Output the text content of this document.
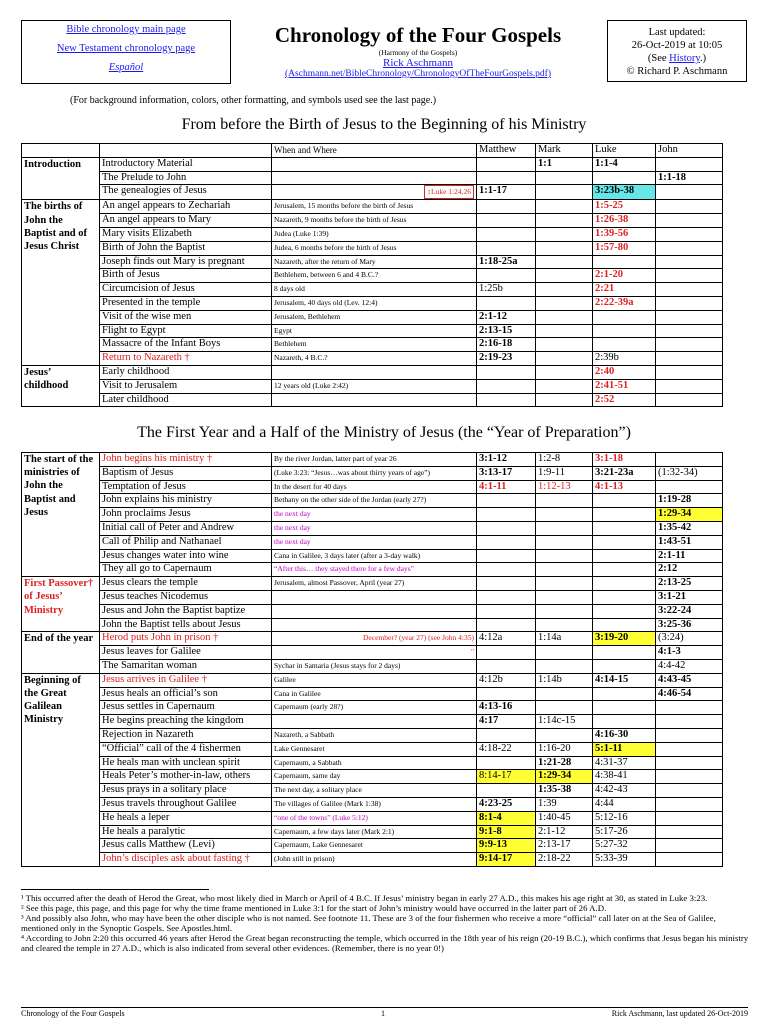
Bible chronology main page
New Testament chronology page
Español
Chronology of the Four Gospels
(Harmony of the Gospels)
Rick Aschmann
(Aschmann.net/BibleChronology/ChronologyOfTheFourGospels.pdf)
Last updated:
26-Oct-2019 at 10:05
(See History.)
© Richard P. Aschmann
(For background information, colors, other formatting, and symbols used see the last page.)
From before the Birth of Jesus to the Beginning of his Ministry
		When and Where	Matthew	Mark	Luke	John
Introduction	Introductory Material			1:1	1:1-4	
	The Prelude to John					1:1-18
	The genealogies of Jesus	↕Luke 1:24,26	1:1-17		3:23b-38	
The births of John the Baptist and of Jesus Christ	An angel appears to Zechariah	Jerusalem, 15 months before the birth of Jesus			1:5-25	
	An angel appears to Mary	Nazareth, 9 months before the birth of Jesus			1:26-38	
	Mary visits Elizabeth	Judea (Luke 1:39)			1:39-56	
	Birth of John the Baptist	Judea, 6 months before the birth of Jesus			1:57-80	
	Joseph finds out Mary is pregnant	Nazareth, after the return of Mary	1:18-25a			
	Birth of Jesus	Bethlehem, between 6 and 4 B.C.?			2:1-20	
	Circumcision of Jesus	8 days old	1:25b		2:21	
	Presented in the temple	Jerusalem, 40 days old (Lev. 12:4)			2:22-39a	
	Visit of the wise men	Jerusalem, Bethlehem	2:1-12			
	Flight to Egypt	Egypt	2:13-15			
	Massacre of the Infant Boys	Bethlehem	2:16-18			
	Return to Nazareth †	Nazareth, 4 B.C.?	2:19-23		2:39b	
Jesus’ childhood	Early childhood				2:40	
	Visit to Jerusalem	12 years old (Luke 2:42)			2:41-51	
	Later childhood				2:52	
The First Year and a Half of the Ministry of Jesus (the “Year of Preparation”)
The start of the ministries of John the Baptist and Jesus	John begins his ministry †	By the river Jordan, latter part of year 26	3:1-12	1:2-8	3:1-18	
	Baptism of Jesus	(Luke 3:23: “Jesus…was about thirty years of age”)	3:13-17	1:9-11	3:21-23a	(1:32-34)
	Temptation of Jesus	In the desert for 40 days	4:1-11	1:12-13	4:1-13	
	John explains his ministry	Bethany on the other side of the Jordan (early 27?)				1:19-28
	John proclaims Jesus	the next day				1:29-34
	Initial call of Peter and Andrew	the next day				1:35-42
	Call of Philip and Nathanael	the next day				1:43-51
	Jesus changes water into wine	Cana in Galilee, 3 days later (after a 3-day walk)				2:1-11
	They all go to Capernaum	“After this… they stayed there for a few days”				2:12
First Passover† of Jesus’ Ministry	Jesus clears the temple	Jerusalem, almost Passover, April (year 27)				2:13-25
	Jesus teaches Nicodemus					3:1-21
	Jesus and John the Baptist baptize					3:22-24
	John the Baptist tells about Jesus					3:25-36
End of the year	Herod puts John in prison †	December? (year 27) (see John 4:35)	4:12a	1:14a	3:19-20	(3:24)
	Jesus leaves for Galilee	"				4:1-3
	The Samaritan woman	Sychar in Samaria (Jesus stays for 2 days)				4:4-42
Beginning of the Great Galilean Ministry	Jesus arrives in Galilee †	Galilee	4:12b	1:14b	4:14-15	4:43-45
	Jesus heals an official’s son	Cana in Galilee				4:46-54
	Jesus settles in Capernaum	Capernaum (early 28?)	4:13-16			
	He begins preaching the kingdom		4:17	1:14c-15		
	Rejection in Nazareth	Nazareth, a Sabbath			4:16-30	
	“Official” call of the 4 fishermen	Lake Gennesaret	4:18-22	1:16-20	5:1-11	
	He heals man with unclean spirit	Capernaum, a Sabbath		1:21-28	4:31-37	
	Heals Peter’s mother-in-law, others	Capernaum, same day	8:14-17	1:29-34	4:38-41	
	Jesus prays in a solitary place	The next day, a solitary place		1:35-38	4:42-43	
	Jesus travels throughout Galilee	The villages of Galilee (Mark 1:38)	4:23-25	1:39	4:44	
	He heals a leper	“one of the towns” (Luke 5:12)	8:1-4	1:40-45	5:12-16	
	He heals a paralytic	Capernaum, a few days later (Mark 2:1)	9:1-8	2:1-12	5:17-26	
	Jesus calls Matthew (Levi)	Capernaum, Lake Gennesaret	9:9-13	2:13-17	5:27-32	
	John’s disciples ask about fasting †	(John still in prison)	9:14-17	2:18-22	5:33-39	

¹ This occurred after the death of Herod the Great, who most likely died in March or April of 4 B.C. If Jesus’ ministry began in early 27 A.D., this makes his age right at 30, as stated in Luke 3:23.

² See this page, this page, and this page for why the time frame mentioned in Luke 3:1 for the start of John’s ministry would have occurred in the latter part of 26 A.D.

³ And possibly also John, who may have been the other disciple who is not named. See footnote 11. These are 3 of the four fishermen who receive a more “official” call later on at the Sea of Galilee, mentioned only in the Synoptic Gospels. See Apostles.html.

⁴ According to John 2:20 this occurred 46 years after Herod the Great began reconstructing the temple, which occurred in the 18th year of his reign (20-19 B.C.), which confirms that Jesus began his ministry and cleared the temple in 27 A.D., which is also indicated from several other evidences. (Remember, there is no year 0!)

Chronology of the Four Gospels	1	Rick Aschmann, last updated 26-Oct-2019
